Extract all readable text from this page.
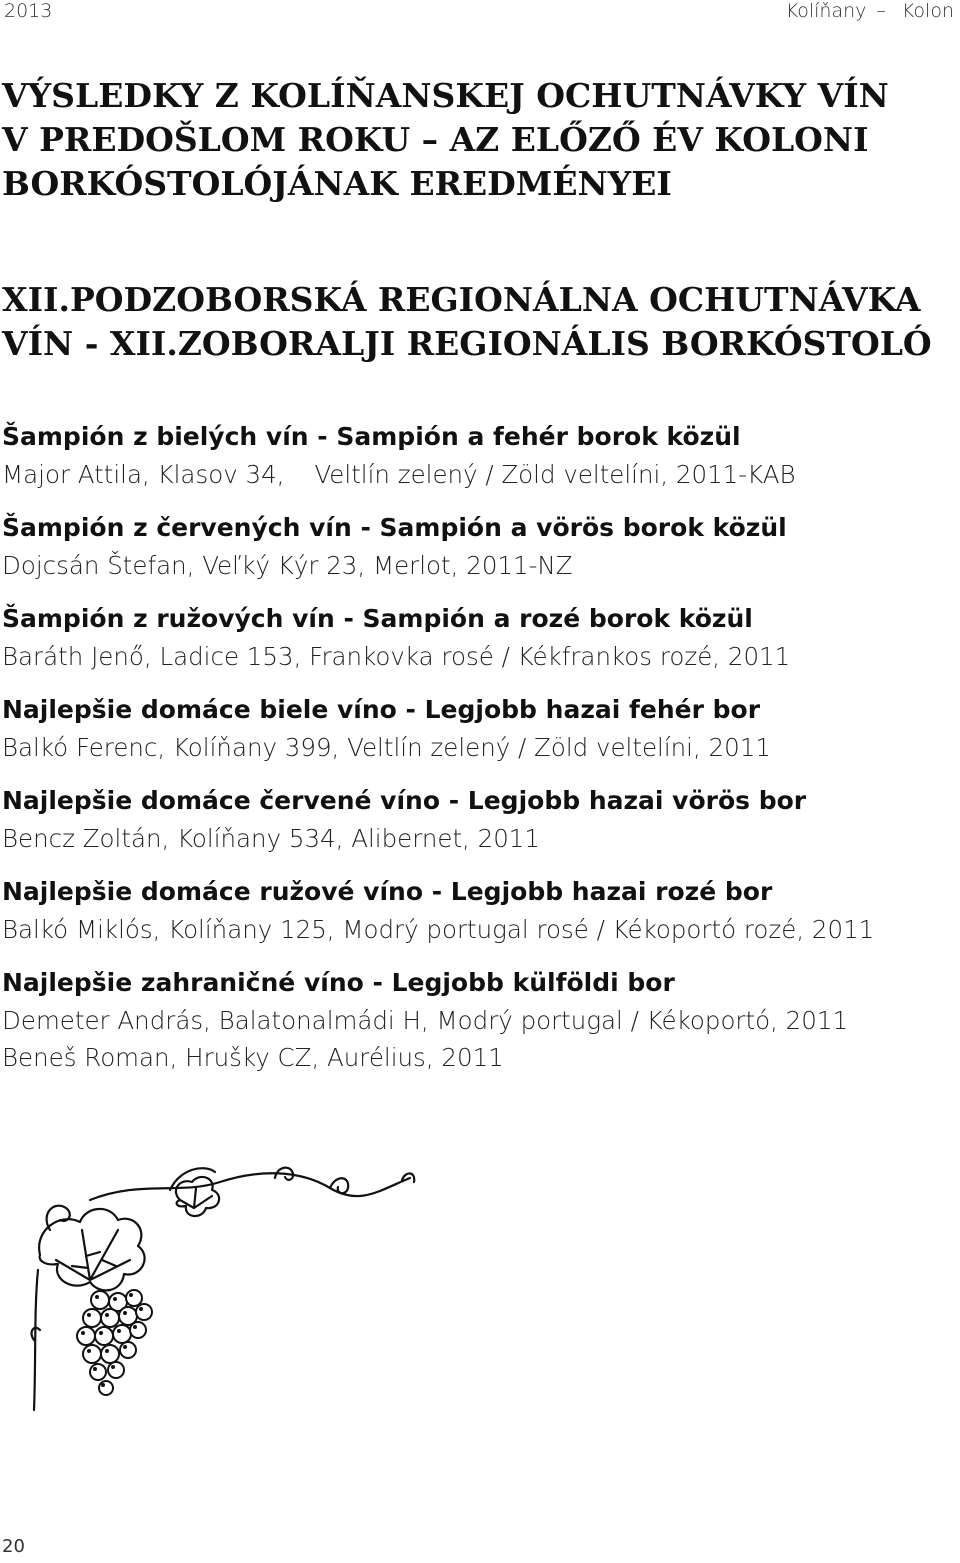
2013	Kolíňany – Kolon
VÝSLEDKY Z KOLÍŇANSKEJ OCHUTNÁVKY VÍN
V PREDOŠLOM ROKU – AZ ELŐZŐ ÉV KOLONI
BORKÓSTOLÓJÁNAK EREDMÉNYEI
XII.PODZOBORSKÁ REGIONÁLNA OCHUTNÁVKA
VÍN - XII.ZOBORALJI REGIONÁLIS BORKÓSTOLÓ
Šampión z bielých vín - Sampión a fehér borok közül
Major Attila, Klasov 34, Veltlín zelený / Zöld veltelíni, 2011-KAB
Šampión z červených vín - Sampión a vörös borok közül
Dojcsán Štefan, Veľký Kýr 23, Merlot, 2011-NZ
Šampión z ružových vín - Sampión a rozé borok közül
Baráth Jenő, Ladice 153, Frankovka rosé / Kékfrankos rozé, 2011
Najlepšie domáce biele víno - Legjobb hazai fehér bor
Balkó Ferenc, Kolíňany 399, Veltlín zelený / Zöld veltelíni, 2011
Najlepšie domáce červené víno - Legjobb hazai vörös bor
Bencz Zoltán, Kolíňany 534, Alibernet, 2011
Najlepšie domáce ružové víno - Legjobb hazai rozé bor
Balkó Miklós, Kolíňany 125, Modrý portugal rosé / Kékoportó rozé, 2011
Najlepšie zahraničné víno - Legjobb külföldi bor
Demeter András, Balatonalmádi H, Modrý portugal / Kékoportó, 2011
Beneš Roman, Hrušky CZ, Aurélius, 2011
20
